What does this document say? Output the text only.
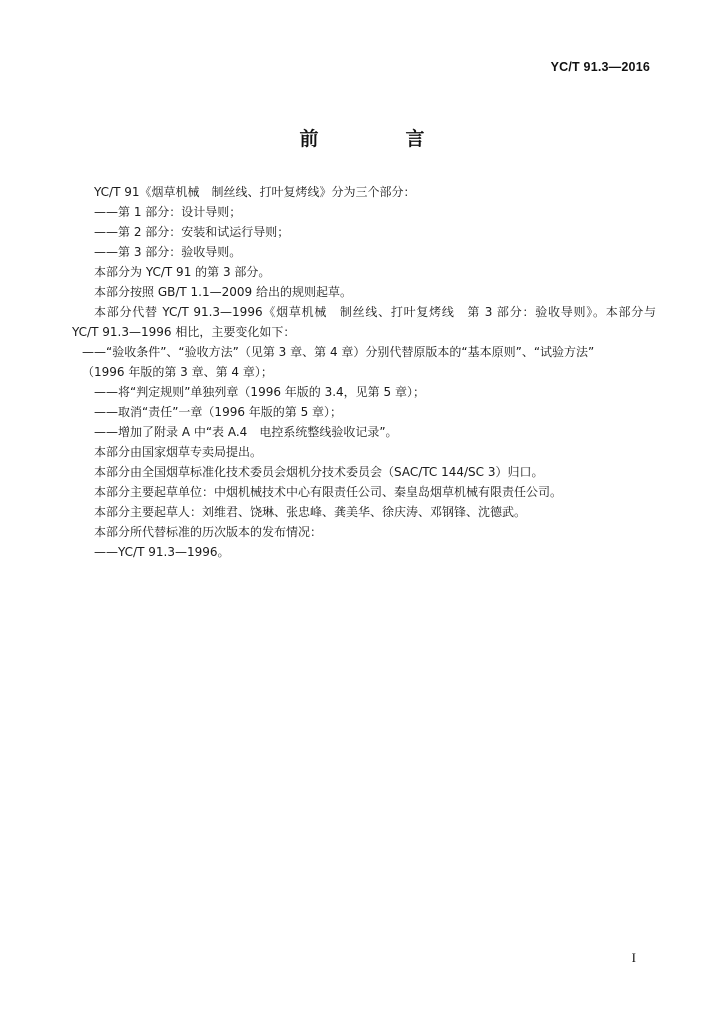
YC/T 91.3—2016
前　言

YC/T 91《烟草机械　制丝线、打叶复烤线》分为三个部分：

——第 1 部分：设计导则；

——第 2 部分：安装和试运行导则；

——第 3 部分：验收导则。

本部分为 YC/T 91 的第 3 部分。

本部分按照 GB/T 1.1—2009 给出的规则起草。

本部分代替 YC/T 91.3—1996《烟草机械　制丝线、打叶复烤线　第 3 部分：验收导则》。本部分与 YC/T 91.3—1996 相比，主要变化如下：

——“验收条件”、“验收方法”（见第 3 章、第 4 章）分别代替原版本的“基本原则”、“试验方法”
（1996 年版的第 3 章、第 4 章）；

——将“判定规则”单独列章（1996 年版的 3.4，见第 5 章）；

——取消“责任”一章（1996 年版的第 5 章）；

——增加了附录 A 中“表 A.4　电控系统整线验收记录”。

本部分由国家烟草专卖局提出。

本部分由全国烟草标准化技术委员会烟机分技术委员会（SAC/TC 144/SC 3）归口。

本部分主要起草单位：中烟机械技术中心有限责任公司、秦皇岛烟草机械有限责任公司。

本部分主要起草人：刘维君、饶琳、张忠峰、龚美华、徐庆涛、邓钢锋、沈德武。

本部分所代替标准的历次版本的发布情况：

——YC/T 91.3—1996。

I
